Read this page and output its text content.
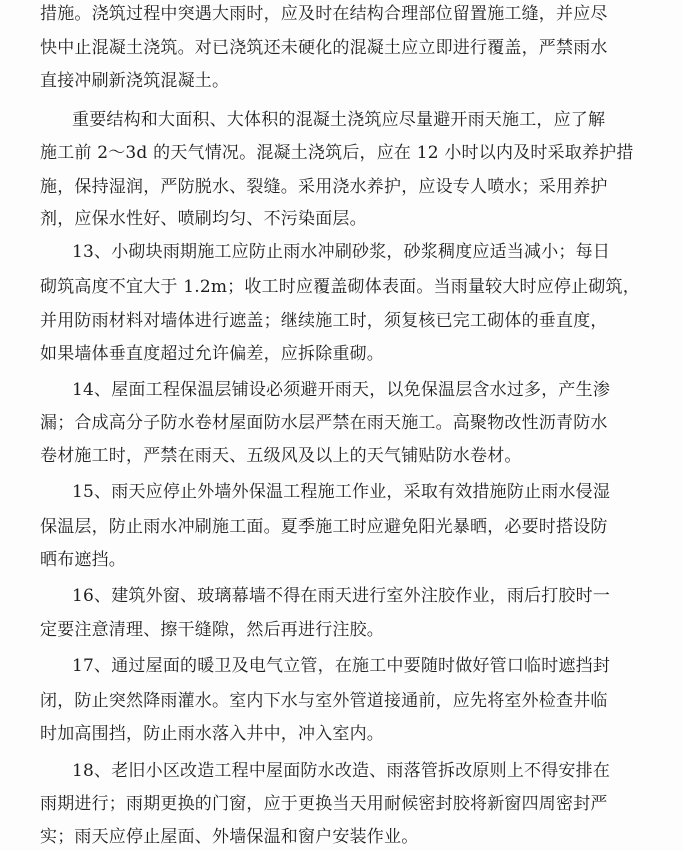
措施。浇筑过程中突遇大雨时，应及时在结构合理部位留置施工缝，并应尽
快中止混凝土浇筑。对已浇筑还未硬化的混凝土应立即进行覆盖，严禁雨水
直接冲刷新浇筑混凝土。
重要结构和大面积、大体积的混凝土浇筑应尽量避开雨天施工，应了解
施工前 2～3d 的天气情况。混凝土浇筑后，应在 12 小时以内及时采取养护措
施，保持湿润，严防脱水、裂缝。采用浇水养护，应设专人喷水；采用养护
剂，应保水性好、喷刷均匀、不污染面层。
13、小砌块雨期施工应防止雨水冲刷砂浆，砂浆稠度应适当减小；每日
砌筑高度不宜大于 1.2m；收工时应覆盖砌体表面。当雨量较大时应停止砌筑，
并用防雨材料对墙体进行遮盖；继续施工时，须复核已完工砌体的垂直度，
如果墙体垂直度超过允许偏差，应拆除重砌。
14、屋面工程保温层铺设必须避开雨天，以免保温层含水过多，产生渗
漏；合成高分子防水卷材屋面防水层严禁在雨天施工。高聚物改性沥青防水
卷材施工时，严禁在雨天、五级风及以上的天气铺贴防水卷材。
15、雨天应停止外墙外保温工程施工作业，采取有效措施防止雨水侵湿
保温层，防止雨水冲刷施工面。夏季施工时应避免阳光暴晒，必要时搭设防
晒布遮挡。
16、建筑外窗、玻璃幕墙不得在雨天进行室外注胶作业，雨后打胶时一
定要注意清理、擦干缝隙，然后再进行注胶。
17、通过屋面的暖卫及电气立管，在施工中要随时做好管口临时遮挡封
闭，防止突然降雨灌水。室内下水与室外管道接通前，应先将室外检查井临
时加高围挡，防止雨水落入井中，冲入室内。
18、老旧小区改造工程中屋面防水改造、雨落管拆改原则上不得安排在
雨期进行；雨期更换的门窗，应于更换当天用耐候密封胶将新窗四周密封严
实；雨天应停止屋面、外墙保温和窗户安装作业。
